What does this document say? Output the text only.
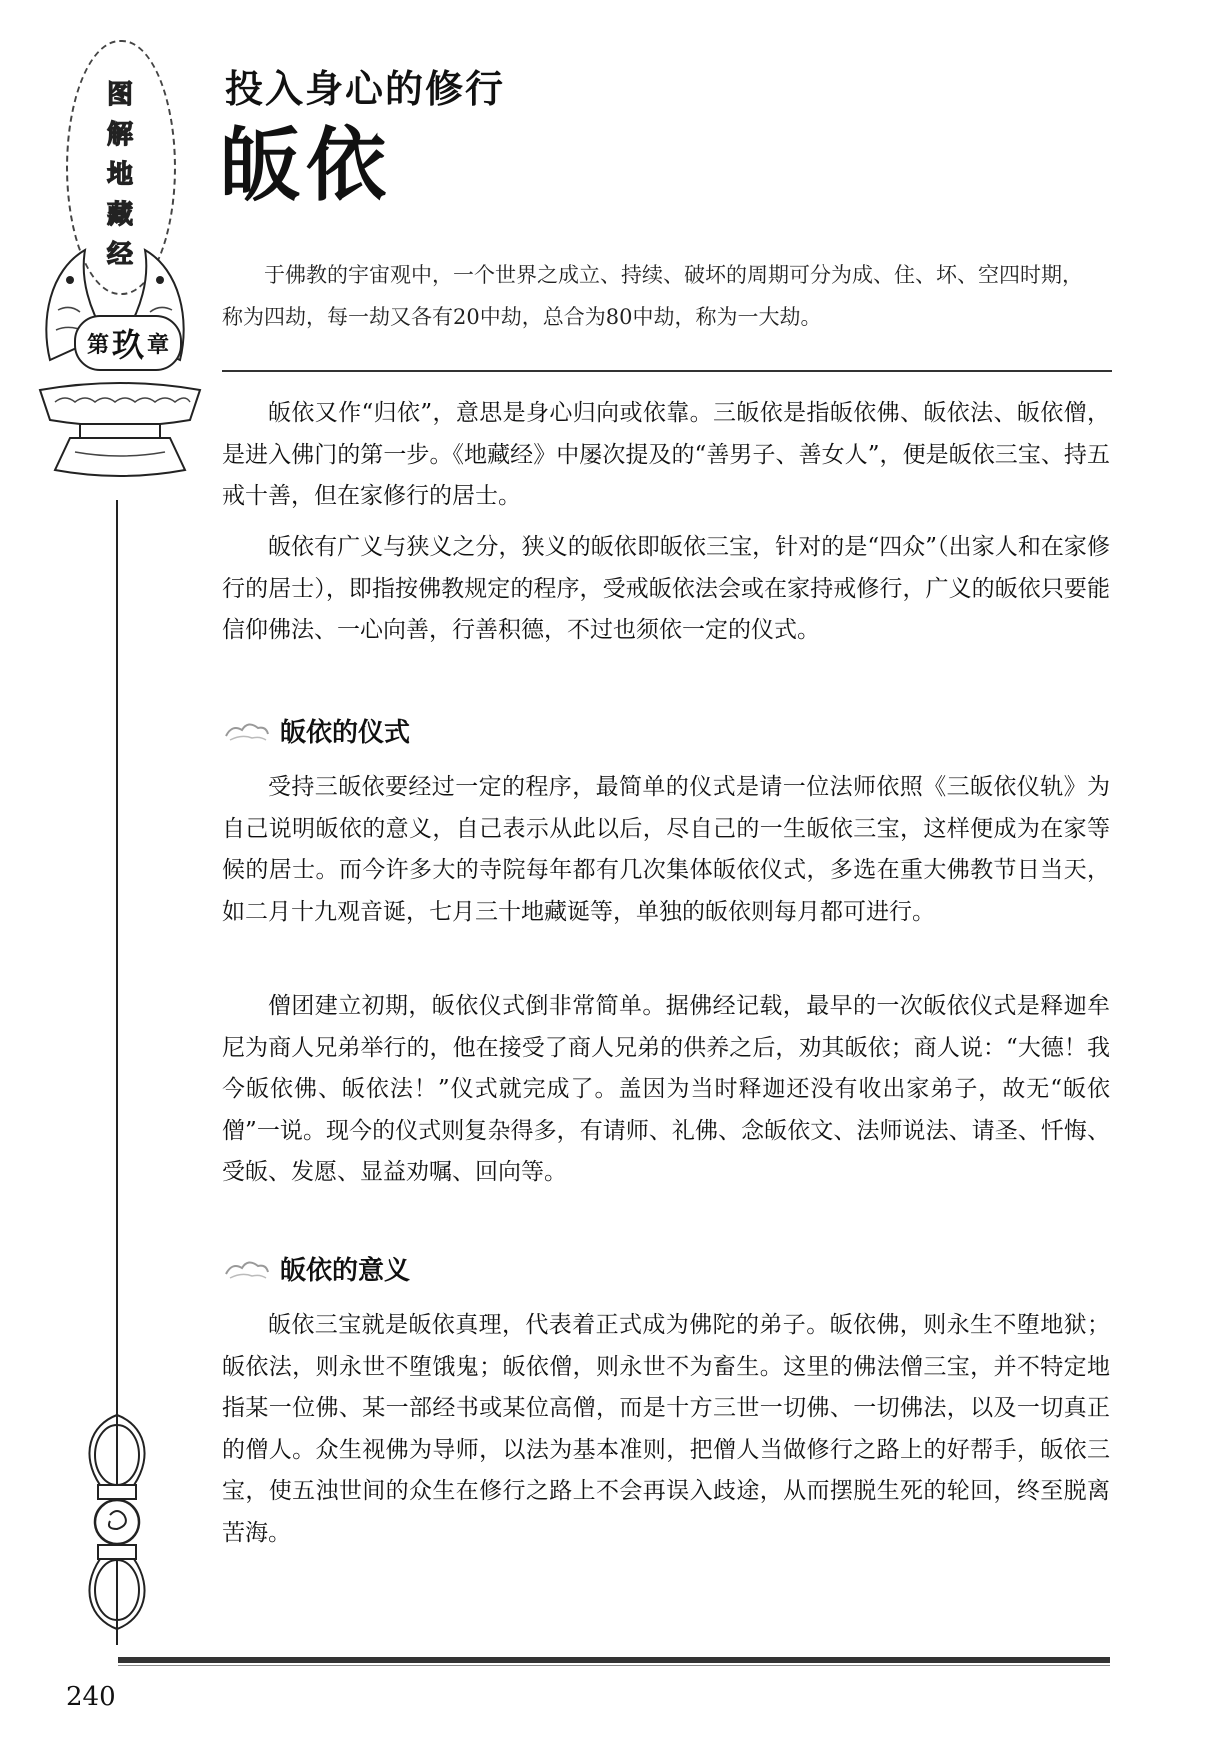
图
解
地
藏
经
第 玖 章
投入身心的修行
皈依

于佛教的宇宙观中，一个世界之成立、持续、破坏的周期可分为成、住、坏、空四时期，称为四劫，每一劫又各有20中劫，总合为80中劫，称为一大劫。

皈依又作“归依”，意思是身心归向或依靠。三皈依是指皈依佛、皈依法、皈依僧，是进入佛门的第一步。《地藏经》中屡次提及的“善男子、善女人”，便是皈依三宝、持五戒十善，但在家修行的居士。

皈依有广义与狭义之分，狭义的皈依即皈依三宝，针对的是“四众”（出家人和在家修行的居士），即指按佛教规定的程序，受戒皈依法会或在家持戒修行，广义的皈依只要能信仰佛法、一心向善，行善积德，不过也须依一定的仪式。

皈依的仪式

受持三皈依要经过一定的程序，最简单的仪式是请一位法师依照《三皈依仪轨》为自己说明皈依的意义，自己表示从此以后，尽自己的一生皈依三宝，这样便成为在家等候的居士。而今许多大的寺院每年都有几次集体皈依仪式，多选在重大佛教节日当天，如二月十九观音诞，七月三十地藏诞等，单独的皈依则每月都可进行。

僧团建立初期，皈依仪式倒非常简单。据佛经记载，最早的一次皈依仪式是释迦牟尼为商人兄弟举行的，他在接受了商人兄弟的供养之后，劝其皈依；商人说：“大德！我今皈依佛、皈依法！”仪式就完成了。盖因为当时释迦还没有收出家弟子，故无“皈依僧”一说。现今的仪式则复杂得多，有请师、礼佛、念皈依文、法师说法、请圣、忏悔、受皈、发愿、显益劝嘱、回向等。

皈依的意义

皈依三宝就是皈依真理，代表着正式成为佛陀的弟子。皈依佛，则永生不堕地狱；皈依法，则永世不堕饿鬼；皈依僧，则永世不为畜生。这里的佛法僧三宝，并不特定地指某一位佛、某一部经书或某位高僧，而是十方三世一切佛、一切佛法，以及一切真正的僧人。众生视佛为导师，以法为基本准则，把僧人当做修行之路上的好帮手，皈依三宝，使五浊世间的众生在修行之路上不会再误入歧途，从而摆脱生死的轮回，终至脱离苦海。

240
